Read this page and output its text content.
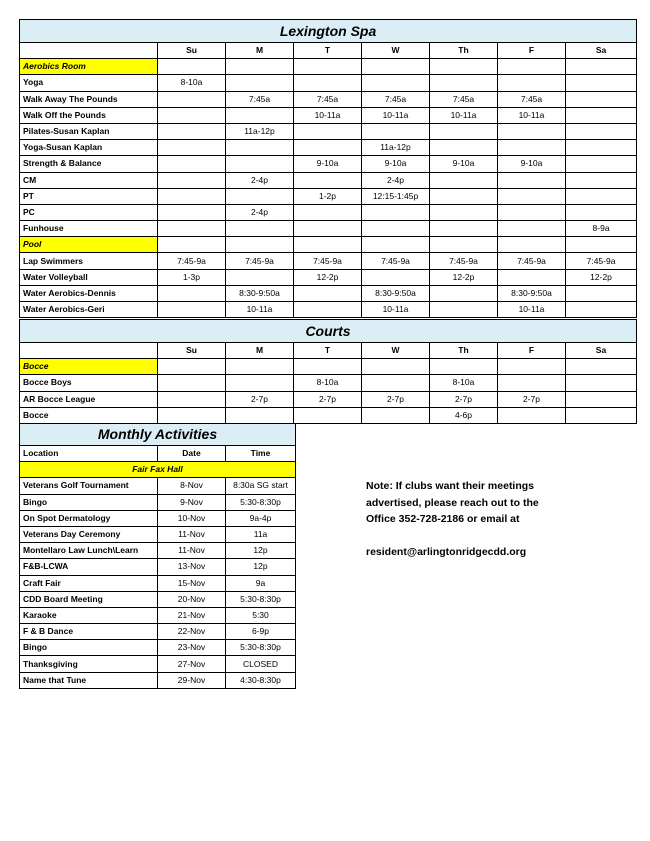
Lexington Spa							
	Su	M	T	W	Th	F	Sa
Aerobics Room							
Yoga	8-10a						
Walk Away The Pounds		7:45a	7:45a	7:45a	7:45a	7:45a	
Walk Off the Pounds			10-11a	10-11a	10-11a	10-11a	
Pilates-Susan Kaplan		11a-12p					
Yoga-Susan Kaplan				11a-12p			
Strength & Balance			9-10a	9-10a	9-10a	9-10a	
CM		2-4p		2-4p			
PT			1-2p	12:15-1:45p			
PC		2-4p					
Funhouse							8-9a
Pool							
Lap Swimmers	7:45-9a	7:45-9a	7:45-9a	7:45-9a	7:45-9a	7:45-9a	7:45-9a
Water Volleyball	1-3p		12-2p		12-2p		12-2p
Water Aerobics-Dennis		8:30-9:50a		8:30-9:50a		8:30-9:50a	
Water Aerobics-Geri		10-11a		10-11a		10-11a	
Courts							
	Su	M	T	W	Th	F	Sa
Bocce							
Bocce Boys			8-10a		8-10a		
AR Bocce League		2-7p	2-7p	2-7p	2-7p	2-7p	
Bocce					4-6p		
Monthly Activities		
Location	Date	Time
Fair Fax Hall		
Veterans Golf Tournament	8-Nov	8:30a SG start
Bingo	9-Nov	5:30-8:30p
On Spot Dermatology	10-Nov	9a-4p
Veterans Day Ceremony	11-Nov	11a
Montellaro Law Lunch\Learn	11-Nov	12p
F&B-LCWA	13-Nov	12p
Craft Fair	15-Nov	9a
CDD Board Meeting	20-Nov	5:30-8:30p
Karaoke	21-Nov	5:30
F & B Dance	22-Nov	6-9p
Bingo	23-Nov	5:30-8:30p
Thanksgiving	27-Nov	CLOSED
Name that Tune	29-Nov	4:30-8:30p
Note: If clubs want their meetings
advertised, please reach out to the
Office 352-728-2186 or email at
resident@arlingtonridgecdd.org
